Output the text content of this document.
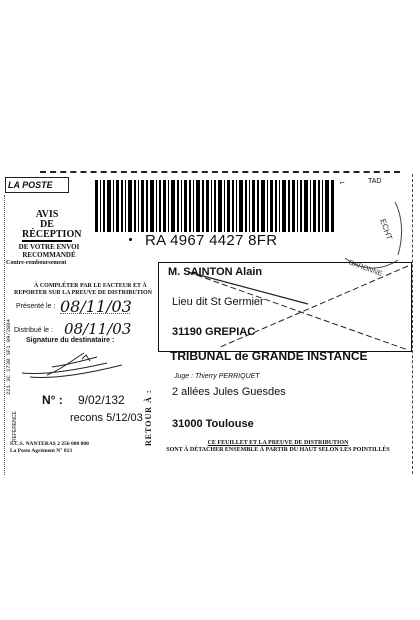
LA POSTE	⌐	TAD
AVIS
DE
RÉCEPTION
DE VOTRE ENVOI
RECOMMANDÉ
Contre-remboursement
À COMPLÉTER PAR LE FACTEUR ET À
REPORTER SUR LA PREUVE DE DISTRIBUTION
Présenté le : 08/11/03
Distribué le : 08/11/03
Signature du destinataire :
221 3C 1730 SF1 09/2004
REFERENCE
N° : 9/02/132
recons 5/12/03
S.C.S. NANTERAS 2 256 000 000
La Poste Agrément N° 813
RA 4967 4427 8FR	ECHT
GARONNE
M. SAINTON Alain
Lieu dit St Germier
31190 GREPIAC
RETOUR À :
TRIBUNAL de GRANDE INSTANCE
Juge : Thierry PERRIQUET
2 allées Jules Guesdes
31000 Toulouse
CE FEUILLET ET LA PREUVE DE DISTRIBUTION
SONT À DÉTACHER ENSEMBLE À PARTIR DU HAUT SELON LES POINTILLÉS
